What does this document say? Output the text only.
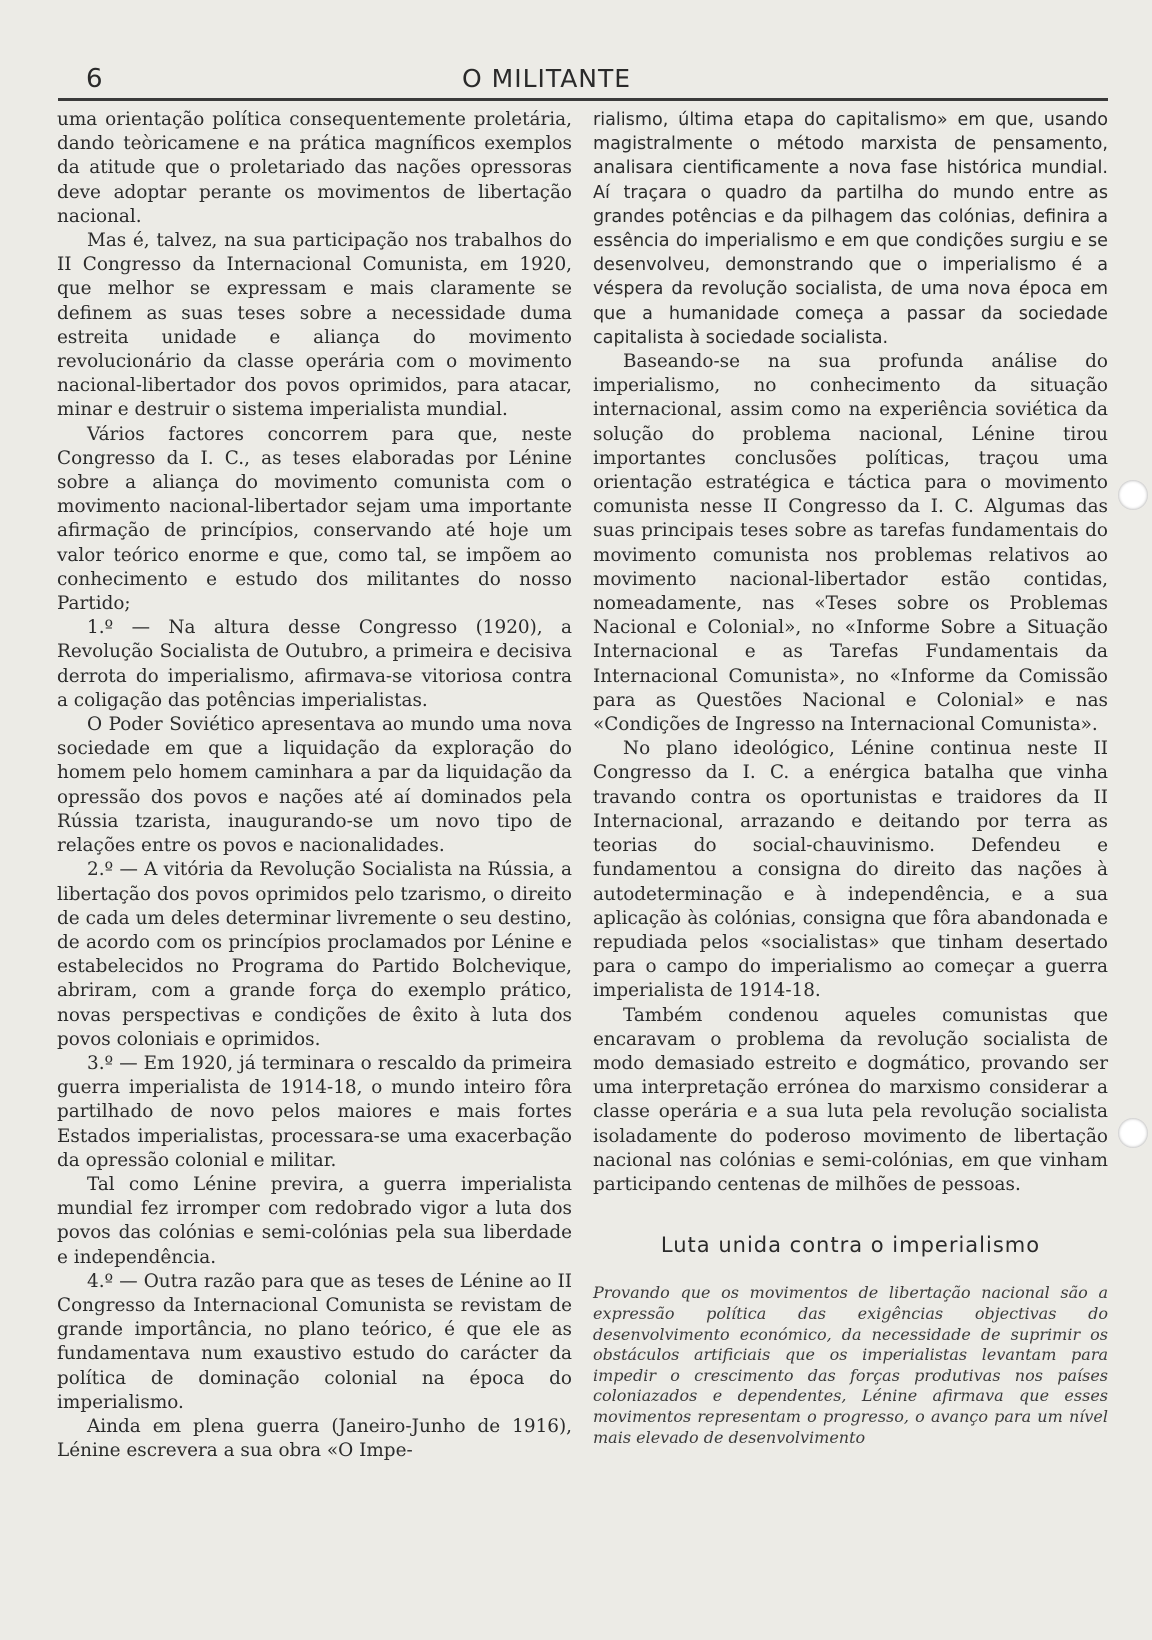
6	O MILITANTE

uma orientação política consequentemente proletária, dando teòricamene e na prática magníficos exemplos da atitude que o proletariado das nações opressoras deve adoptar perante os movimentos de libertação nacional.

Mas é, talvez, na sua participação nos trabalhos do II Congresso da Internacional Comunista, em 1920, que melhor se expressam e mais claramente se definem as suas teses sobre a necessidade duma estreita unidade e aliança do movimento revolucionário da classe operária com o movimento nacional-libertador dos povos oprimidos, para atacar, minar e destruir o sistema imperialista mundial.

Vários factores concorrem para que, neste Congresso da I. C., as teses elaboradas por Lénine sobre a aliança do movimento comunista com o movimento nacional-libertador sejam uma importante afirmação de princípios, conservando até hoje um valor teórico enorme e que, como tal, se impõem ao conhecimento e estudo dos militantes do nosso Partido;

1.º — Na altura desse Congresso (1920), a Revolução Socialista de Outubro, a primeira e decisiva derrota do imperialismo, afirmava-se vitoriosa contra a coligação das potências imperialistas.

O Poder Soviético apresentava ao mundo uma nova sociedade em que a liquidação da exploração do homem pelo homem caminhara a par da liquidação da opressão dos povos e nações até aí dominados pela Rússia tzarista, inaugurando-se um novo tipo de relações entre os povos e nacionalidades.

2.º — A vitória da Revolução Socialista na Rússia, a libertação dos povos oprimidos pelo tzarismo, o direito de cada um deles determinar livremente o seu destino, de acordo com os princípios proclamados por Lénine e estabelecidos no Programa do Partido Bolchevique, abriram, com a grande força do exemplo prático, novas perspectivas e condições de êxito à luta dos povos coloniais e oprimidos.

3.º — Em 1920, já terminara o rescaldo da primeira guerra imperialista de 1914-18, o mundo inteiro fôra partilhado de novo pelos maiores e mais fortes Estados imperialistas, processara-se uma exacerbação da opressão colonial e militar.

Tal como Lénine previra, a guerra imperialista mundial fez irromper com redobrado vigor a luta dos povos das colónias e semi-colónias pela sua liberdade e independência.

4.º — Outra razão para que as teses de Lénine ao II Congresso da Internacional Comunista se revistam de grande importância, no plano teórico, é que ele as fundamentava num exaustivo estudo do carácter da política de dominação colonial na época do imperialismo.

Ainda em plena guerra (Janeiro-Junho de 1916), Lénine escrevera a sua obra «O Impe-

rialismo, última etapa do capitalismo» em que, usando magistralmente o método marxista de pensamento, analisara cientificamente a nova fase histórica mundial. Aí traçara o quadro da partilha do mundo entre as grandes potências e da pilhagem das colónias, definira a essência do imperialismo e em que condições surgiu e se desenvolveu, demonstrando que o imperialismo é a véspera da revolução socialista, de uma nova época em que a humanidade começa a passar da sociedade capitalista à sociedade socialista.

Baseando-se na sua profunda análise do imperialismo, no conhecimento da situação internacional, assim como na experiência soviética da solução do problema nacional, Lénine tirou importantes conclusões políticas, traçou uma orientação estratégica e táctica para o movimento comunista nesse II Congresso da I. C. Algumas das suas principais teses sobre as tarefas fundamentais do movimento comunista nos problemas relativos ao movimento nacional-libertador estão contidas, nomeadamente, nas «Teses sobre os Problemas Nacional e Colonial», no «Informe Sobre a Situação Internacional e as Tarefas Fundamentais da Internacional Comunista», no «Informe da Comissão para as Questões Nacional e Colonial» e nas «Condições de Ingresso na Internacional Comunista».

No plano ideológico, Lénine continua neste II Congresso da I. C. a enérgica batalha que vinha travando contra os oportunistas e traidores da II Internacional, arrazando e deitando por terra as teorias do social-chauvinismo. Defendeu e fundamentou a consigna do direito das nações à autodeterminação e à independência, e a sua aplicação às colónias, consigna que fôra abandonada e repudiada pelos «socialistas» que tinham desertado para o campo do imperialismo ao começar a guerra imperialista de 1914-18.

Também condenou aqueles comunistas que encaravam o problema da revolução socialista de modo demasiado estreito e dogmático, provando ser uma interpretação errónea do marxismo considerar a classe operária e a sua luta pela revolução socialista isoladamente do poderoso movimento de libertação nacional nas colónias e semi-colónias, em que vinham participando centenas de milhões de pessoas.

Luta unida contra o imperialismo

Provando que os movimentos de libertação nacional são a expressão política das exigências objectivas do desenvolvimento económico, da necessidade de suprimir os obstáculos artificiais que os imperialistas levantam para impedir o crescimento das forças produtivas nos países coloniazados e dependentes, Lénine afirmava que esses movimentos representam o progresso, o avanço para um nível mais elevado de desenvolvimento
